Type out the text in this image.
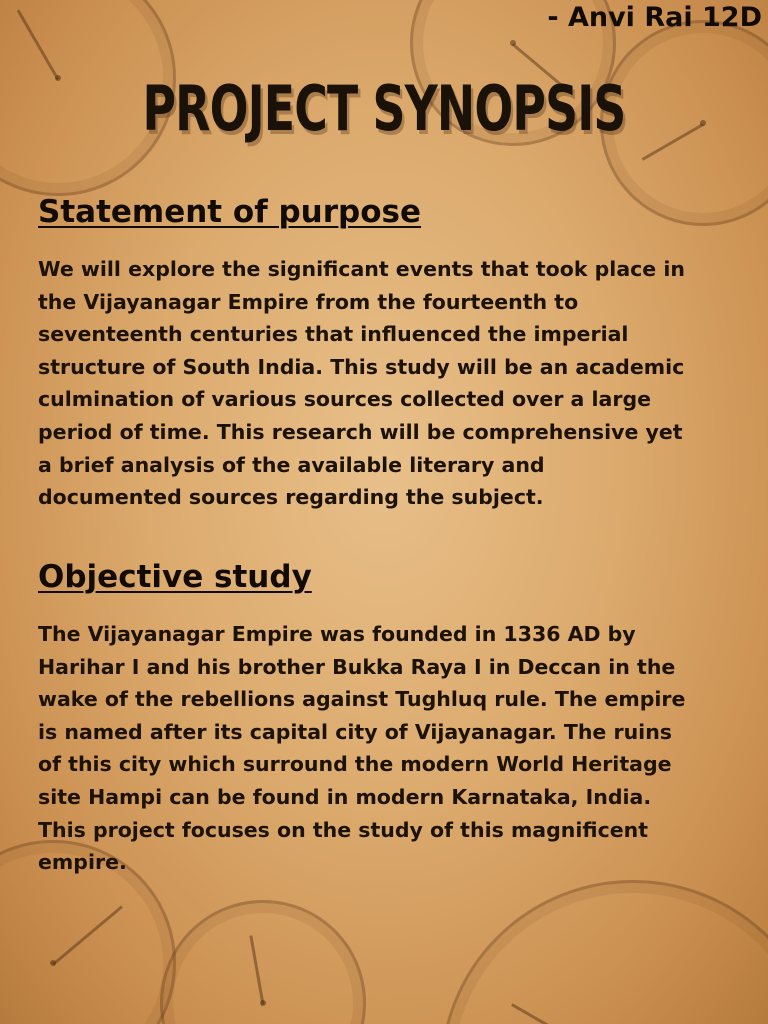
- Anvi Rai 12D
PROJECT SYNOPSIS
Statement of purpose

We will explore the significant events that took place in
the Vijayanagar Empire from the fourteenth to
seventeenth centuries that influenced the imperial
structure of South India. This study will be an academic
culmination of various sources collected over a large
period of time. This research will be comprehensive yet
a brief analysis of the available literary and
documented sources regarding the subject.

Objective study

The Vijayanagar Empire was founded in 1336 AD by
Harihar I and his brother Bukka Raya I in Deccan in the
wake of the rebellions against Tughluq rule. The empire
is named after its capital city of Vijayanagar. The ruins
of this city which surround the modern World Heritage
site Hampi can be found in modern Karnataka, India.
This project focuses on the study of this magnificent
empire.
